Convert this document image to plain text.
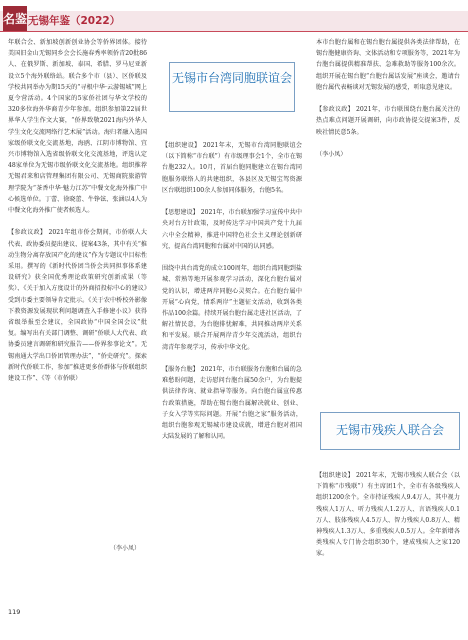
名鉴 无锡年鉴（2022）
年联合会、新加坡创新创业协会等侨界团体。接待美国旧金山无锡同乡会会长施春秀率领侨青20批86人、在俄罗斯、新加坡、泰国、希腊、罗马尼亚新设立5个海外联络站。联合多个市（县）、区侨联及学校共同举办为期15天的“寻根中华·云游锡城”网上夏令营活动。4个国家的5家侨社团与华文学校的320多位海外华裔青少年参加。组织参加第22届世界华人学生作文大赛，“侨界致敬2021海内外华人学生文化交流网络行艺术展”活动。海归者融入选国家级侨联文化交流基地，海鸥、江阴市博物馆、宜兴市博物馆入选省级侨联文化交流基地，评选认定48家单位为无锡市级侨联文化交流基地。组织推荐无锡君来和店管理集团有限公司、无锡商院旅游管理学院为“茶香中华·魅力江苏”中餐文化海外推广中心候选单位。丁蕾、徐晓蕾、牛铮铉、张涵以4人为中餐文化海外推广使者候选人。

【参政议政】 2021年组市侨会期间，市侨联人大代表、政协委员提出建议、提案43条，其中有关“推动生物分离存放国产化的建议”作为专题议中目标性采用。撰写的《新时代侨团当侨会共同担事体系建设研究》获全国优秀理论政策研究创新成果（等奖）、《关于加入方度设计的外商招投标中心的建议》受到市委主要领导肯定批示。《关于农中桥校外影像下教资源发展现状利问题调查入手修建小议》获得省级举报至会建议，全国政协“中国全国会议”批复。编写出有关部门调整、调研“侨联人大代表、政协委员建言调研和研究报告——侨界参事论文”。无锡南通大学出口侨团管理办法”，“侨史研究”。探索新时代侨联工作，参加“推进更多侨群体与侨联组织建设工作”、《等（市侨联）
（李小凤）
无锡市台湾同胞联谊会
【组织建设】 2021年末，无锡市台湾同胞联谊会（以下简称“市台联”）有市级理事会1个，全市在锡台胞232人。10月，首届台胞同胞建立在锡台湾同胞服务联络人的共建组织，各县区及无锡宝驾资源区台联组织100余人参加同体服务，台胞5名。

【思想建设】 2021年，市台联加强学习宣传中共中央对台方针政策，及时传达学习中国共产党十九届六中全会精神，推进中国特色社会主义理论创新研究，提高台湾同胞和台属对中国的认同感。

围绕中共台湾党的成立100周年，组织台湾同胞到盐城、常熟等地开展参观学习活动，深化台胞台属对党的认识，增进两岸同胞心灵契合。在台胞台属中开展“心向党，情系两岸”主题征文活动，收到各类作品100余篇。持续开展台胞台属走进社区活动，了解社情民意，为台胞排忧解难，共同推动两岸关系和平发展。联合开展两岸青少年交流活动，组织台湾青年参观学习，传承中华文化。

【服务台胞】 2021年，市台联服务台胞和台属的急难愁盼问题，走访慰问台胞台属50余户，为台胞提供法律咨询、就业指导等服务。向台胞台属宣传惠台政策措施，帮助在锡台胞台属解决就业、创业、子女入学等实际问题。开展“台胞之家”服务活动，组织台胞参观无锡城市建设成就，增进台胞对祖国大陆发展的了解和认同。
本市台胞台属和在锡台胞台属提供各类法律帮助，在锡台胞健康咨询、文体活动和专项服务等，2021年为台胞台属提供精准帮扶、急难救助等服务100余次。组织开展在锡台胞“台胞台属话发展”座谈会，邀请台胞台属代表畅谈对无锡发展的感受，听取意见建议。

【参政议政】 2021年，市台联围绕台胞台属关注的热点难点问题开展调研，向市政协提交提案3件，反映社情民意5条。

（李小凤）
无锡市残疾人联合会
【组织建设】 2021年末，无锡市残疾人联合会（以下简称“市残联”）有主席团1个，全市有各级残疾人组织1200余个。全市持证残疾人9.4万人，其中视力残疾人1万人、听力残疾人1.2万人、言语残疾人0.1万人、肢体残疾人4.5万人、智力残疾人0.8万人、精神残疾人1.3万人、多重残疾人0.5万人。全年新增各类残疾人专门协会组织30个，建成残疾人之家120家。
119
